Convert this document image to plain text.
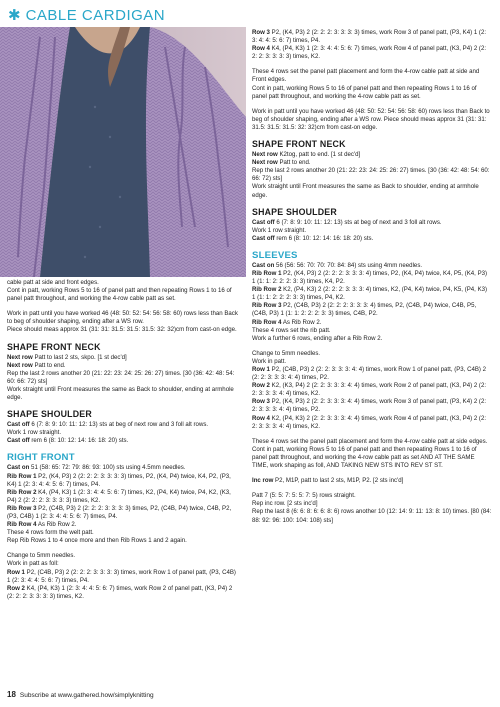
✱ CABLE CARDIGAN

cable patt at side and front edges.
Cont in patt, working Rows 5 to 16 of panel patt and then repeating Rows 1 to 16 of panel patt throughout, and working the 4-row cable patt as set.

Work in patt until you have worked 46 (48: 50: 52: 54: 56: 58: 60) rows less than Back to beg of shoulder shaping, ending after a WS row.
Piece should meas approx 31 (31: 31: 31.5: 31.5: 31.5: 32: 32)cm from cast-on edge.

SHAPE FRONT NECK

Next row Patt to last 2 sts, skpo. [1 st dec'd]
Next row Patt to end.
Rep the last 2 rows another 20 (21: 22: 23: 24: 25: 26: 27) times. [30 (36: 42: 48: 54: 60: 66: 72) sts]
Work straight until Front measures the same as Back to shoulder, ending at armhole edge.

SHAPE SHOULDER

Cast off 6 (7: 8: 9: 10: 11: 12: 13) sts at beg of next row and 3 foll alt rows.
Work 1 row straight.
Cast off rem 6 (8: 10: 12: 14: 16: 18: 20) sts.

RIGHT FRONT

Cast on 51 (58: 65: 72: 79: 86: 93: 100) sts using 4.5mm needles.
Rib Row 1 P2, (K4, P3) 2 (2: 2: 2: 3: 3: 3: 3) times, P2, (K4, P4) twice, K4, P2, (P3, K4) 1 (2: 3: 4: 4: 5: 6: 7) times, P4.
Rib Row 2 K4, (P4, K3) 1 (2: 3: 4: 4: 5: 6: 7) times, K2, (P4, K4) twice, P4, K2, (K3, P4) 2 (2: 2: 2: 3: 3: 3: 3) times, K2.
Rib Row 3 P2, (C4B, P3) 2 (2: 2: 2: 3: 3: 3: 3) times, P2, (C4B, P4) twice, C4B, P2, (P3, C4B) 1 (2: 3: 4: 4: 5: 6: 7) times, P4.
Rib Row 4 As Rib Row 2.
These 4 rows form the welt patt.
Rep Rib Rows 1 to 4 once more and then Rib Rows 1 and 2 again.

Change to 5mm needles.
Work in patt as foll:
Row 1 P2, (C4B, P3) 2 (2: 2: 2: 3: 3: 3: 3) times, work Row 1 of panel patt, (P3, C4B) 1 (2: 3: 4: 4: 5: 6: 7) times, P4.
Row 2 K4, (P4, K3) 1 (2: 3: 4: 4: 5: 6: 7) times, work Row 2 of panel patt, (K3, P4) 2 (2: 2: 2: 3: 3: 3: 3) times, K2.

Row 3 P2, (K4, P3) 2 (2: 2: 2: 3: 3: 3: 3) times, work Row 3 of panel patt, (P3, K4) 1 (2: 3: 4: 4: 5: 6: 7) times, P4.
Row 4 K4, (P4, K3) 1 (2: 3: 4: 4: 5: 6: 7) times, work Row 4 of panel patt, (K3, P4) 2 (2: 2: 2: 3: 3: 3: 3) times, K2.

These 4 rows set the panel patt placement and form the 4-row cable patt at side and Front edges.
Cont in patt, working Rows 5 to 16 of panel patt and then repeating Rows 1 to 16 of panel patt throughout, and working the 4-row cable patt as set.

Work in patt until you have worked 46 (48: 50: 52: 54: 56: 58: 60) rows less than Back to beg of shoulder shaping, ending after a WS row. Piece should meas approx 31 (31: 31: 31.5: 31.5: 31.5: 32: 32)cm from cast-on edge.

SHAPE FRONT NECK

Next row K2tog, patt to end. [1 st dec'd]
Next row Patt to end.
Rep the last 2 rows another 20 (21: 22: 23: 24: 25: 26: 27) times. [30 (36: 42: 48: 54: 60: 66: 72) sts]
Work straight until Front measures the same as Back to shoulder, ending at armhole edge.

SHAPE SHOULDER

Cast off 6 (7: 8: 9: 10: 11: 12: 13) sts at beg of next and 3 foll alt rows.
Work 1 row straight.
Cast off rem 6 (8: 10: 12: 14: 16: 18: 20) sts.

SLEEVES

Cast on 56 (56: 56: 70: 70: 70: 84: 84) sts using 4mm needles.
Rib Row 1 P2, (K4, P3) 2 (2: 2: 2: 3: 3: 3: 4) times, P2, (K4, P4) twice, K4, P5, (K4, P3) 1 (1: 1: 2: 2: 2: 3: 3) times, K4, P2.
Rib Row 2 K2, (P4, K3) 2 (2: 2: 2: 3: 3: 3: 4) times, K2, (P4, K4) twice, P4, K5, (P4, K3) 1 (1: 1: 2: 2: 2: 3: 3) times, P4, K2.
Rib Row 3 P2, (C4B, P3) 2 (2: 2: 2: 3: 3: 3: 4) times, P2, (C4B, P4) twice, C4B, P5, (C4B, P3) 1 (1: 1: 2: 2: 2: 3: 3) times, C4B, P2.
Rib Row 4 As Rib Row 2.
These 4 rows set the rib patt.
Work a further 6 rows, ending after a Rib Row 2.

Change to 5mm needles.
Work in patt.
Row 1 P2, (C4B, P3) 2 (2: 2: 3: 3: 3: 4: 4) times, work Row 1 of panel patt, (P3, C4B) 2 (2: 2: 3: 3: 3: 4: 4) times, P2.
Row 2 K2, (K3, P4) 2 (2: 2: 3: 3: 3: 4: 4) times, work Row 2 of panel patt, (K3, P4) 2 (2: 2: 3: 3: 3: 4: 4) times, K2.
Row 3 P2, (K4, P3) 2 (2: 2: 3: 3: 3: 4: 4) times, work Row 3 of panel patt, (P3, K4) 2 (2: 2: 3: 3: 3: 4: 4) times, P2.
Row 4 K2, (P4, K3) 2 (2: 2: 3: 3: 3: 4: 4) times, work Row 4 of panel patt, (K3, P4) 2 (2: 2: 3: 3: 3: 4: 4) times, K2.

These 4 rows set the panel patt placement and form the 4-row cable patt at side edges.
Cont in patt, working Rows 5 to 16 of panel patt and then repeating Rows 1 to 16 of panel patt throughout, and working the 4-row cable patt as set AND AT THE SAME TIME, work shaping as foll, AND TAKING NEW STS INTO REV ST ST.

Inc row P2, M1P, patt to last 2 sts, M1P, P2. [2 sts inc'd]

Patt 7 (5: 5: 7: 5: 5: 7: 5) rows straight.
Rep inc row. [2 sts inc'd]
Rep the last 8 (6: 6: 8: 6: 6: 8: 6) rows another 10 (12: 14: 9: 11: 13: 8: 10) times. [80 (84: 88: 92: 96: 100: 104: 108) sts]

18 Subscribe at www.gathered.how/simplyknitting
